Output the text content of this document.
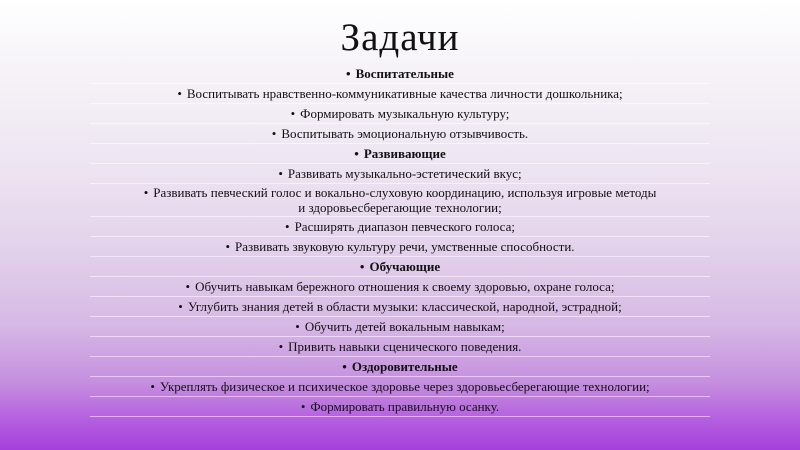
Задачи
• Воспитательные
• Воспитывать нравственно-коммуникативные качества личности дошкольника;
• Формировать музыкальную культуру;
• Воспитывать эмоциональную отзывчивость.
• Развивающие
• Развивать музыкально-эстетический вкус;
• Развивать певческий голос и вокально-слуховую координацию, используя игровые методы
и здоровьесберегающие технологии;
• Расширять диапазон певческого голоса;
• Развивать звуковую культуру речи, умственные способности.
• Обучающие
• Обучить навыкам бережного отношения к своему здоровью, охране голоса;
• Углубить знания детей в области музыки: классической, народной, эстрадной;
• Обучить детей вокальным навыкам;
• Привить навыки сценического поведения.
• Оздоровительные
• Укреплять физическое и психическое здоровье через здоровьесберегающие технологии;
• Формировать правильную осанку.
